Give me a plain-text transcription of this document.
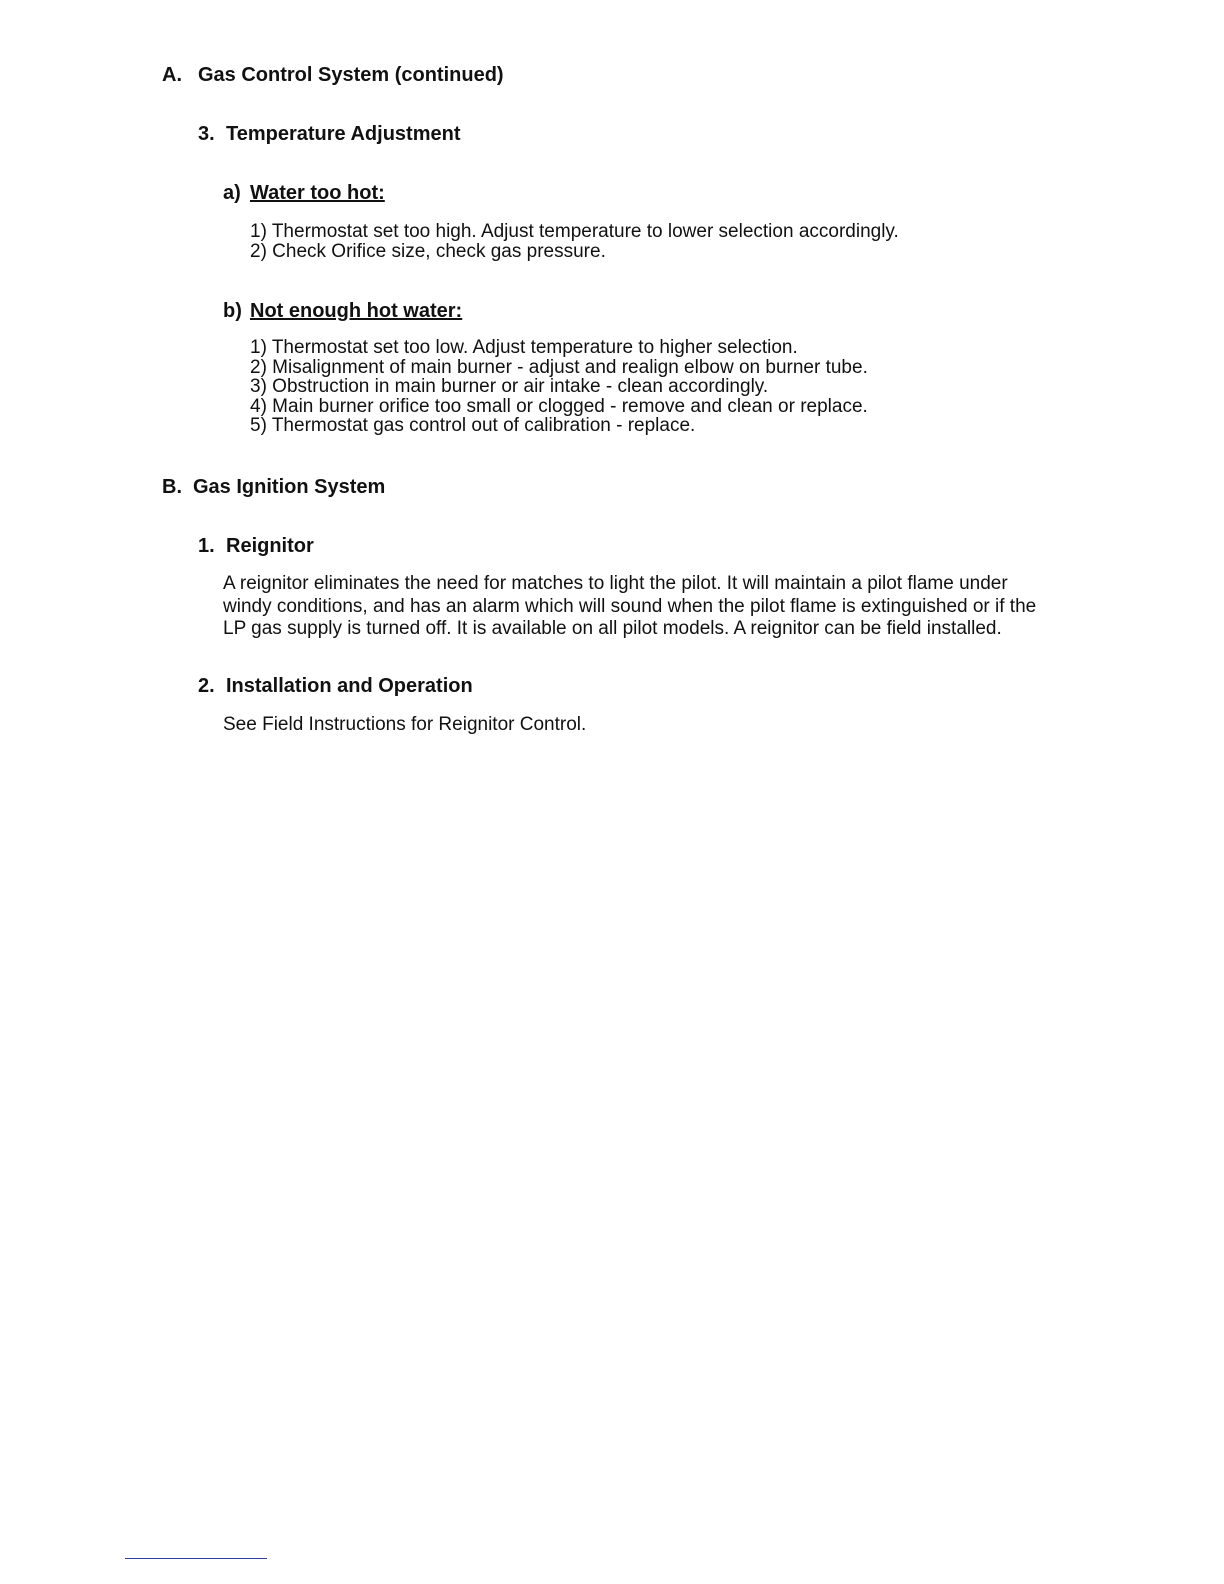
A. Gas Control System (continued)
3. Temperature Adjustment
a) Water too hot:
1) Thermostat set too high. Adjust temperature to lower selection accordingly.
2) Check Orifice size, check gas pressure.
b) Not enough hot water:
1) Thermostat set too low. Adjust temperature to higher selection.
2) Misalignment of main burner - adjust and realign elbow on burner tube.
3) Obstruction in main burner or air intake - clean accordingly.
4) Main burner orifice too small or clogged - remove and clean or replace.
5) Thermostat gas control out of calibration - replace.
B. Gas Ignition System
1. Reignitor
A reignitor eliminates the need for matches to light the pilot. It will maintain a pilot flame under windy conditions, and has an alarm which will sound when the pilot flame is extinguished or if the LP gas supply is turned off. It is available on all pilot models. A reignitor can be field installed.
2. Installation and Operation
See Field Instructions for Reignitor Control.
